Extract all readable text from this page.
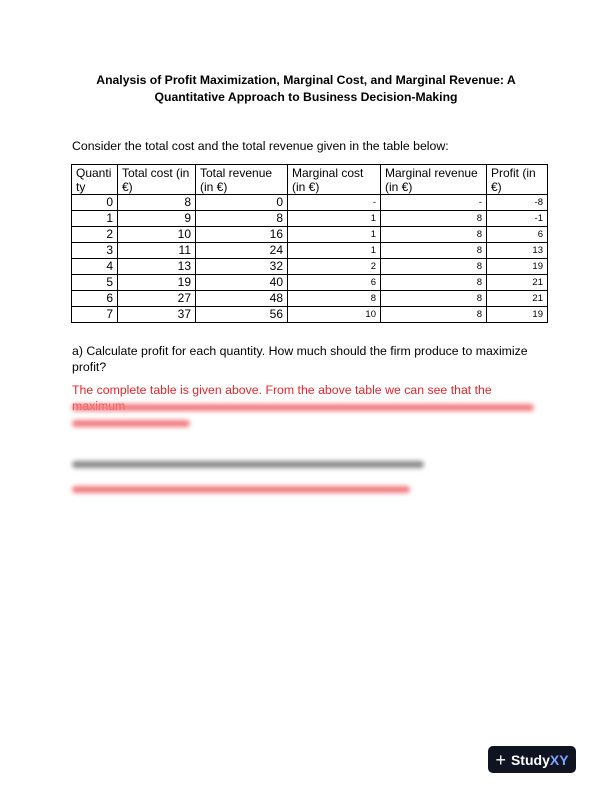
Analysis of Profit Maximization, Marginal Cost, and Marginal Revenue: A
Quantitative Approach to Business Decision-Making
Consider the total cost and the total revenue given in the table below:
Quanti ty	Total cost (in €)	Total revenue (in €)	Marginal cost (in €)	Marginal revenue (in €)	Profit (in €)
0	8	0	-	-	-8
1	9	8	1	8	-1
2	10	16	1	8	6
3	11	24	1	8	13
4	13	32	2	8	19
5	19	40	6	8	21
6	27	48	8	8	21
7	37	56	10	8	19
a) Calculate profit for each quantity. How much should the firm produce to maximize profit?
The complete table is given above. From the above table we can see that the
+ Study XY
